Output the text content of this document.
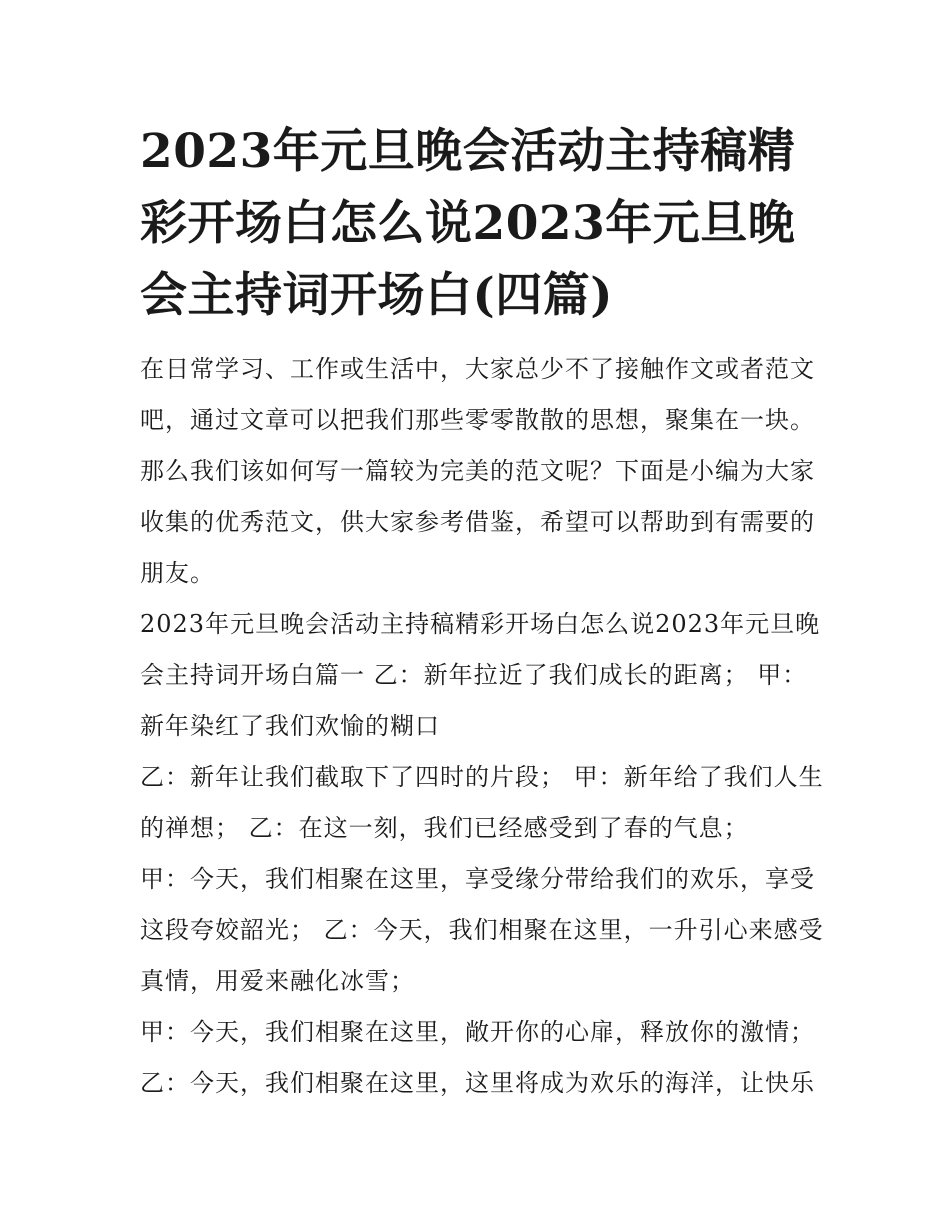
2023年元旦晚会活动主持稿精彩开场白怎么说2023年元旦晚会主持词开场白(四篇)

在日常学习、工作或生活中，大家总少不了接触作文或者范文吧，通过文章可以把我们那些零零散散的思想，聚集在一块。那么我们该如何写一篇较为完美的范文呢？下面是小编为大家收集的优秀范文，供大家参考借鉴，希望可以帮助到有需要的朋友。

2023年元旦晚会活动主持稿精彩开场白怎么说2023年元旦晚会主持词开场白篇一 乙：新年拉近了我们成长的距离； 甲：新年染红了我们欢愉的糊口

乙：新年让我们截取下了四时的片段； 甲：新年给了我们人生的禅想； 乙：在这一刻，我们已经感受到了春的气息；

甲：今天，我们相聚在这里，享受缘分带给我们的欢乐，享受这段夸姣韶光； 乙：今天，我们相聚在这里，一升引心来感受真情，用爱来融化冰雪；

甲：今天，我们相聚在这里，敞开你的心扉，释放你的激情；

乙：今天，我们相聚在这里，这里将成为欢乐的海洋，让快乐
